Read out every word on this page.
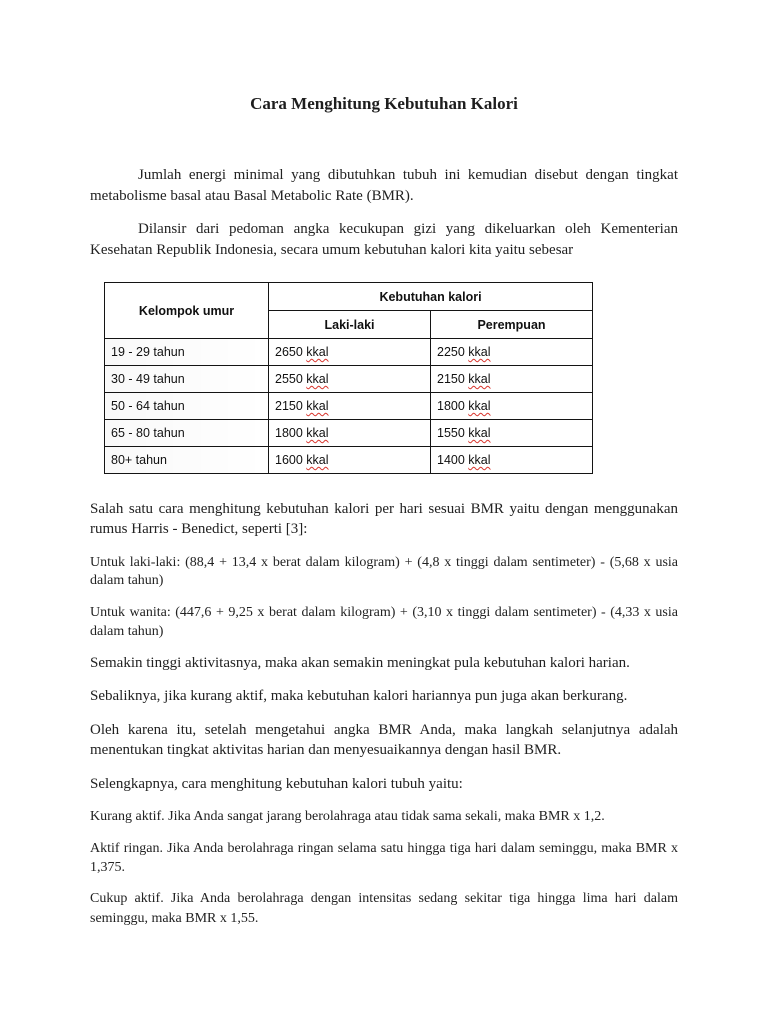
Cara Menghitung Kebutuhan Kalori

Jumlah energi minimal yang dibutuhkan tubuh ini kemudian disebut dengan tingkat metabolisme basal atau Basal Metabolic Rate (BMR).

Dilansir dari pedoman angka kecukupan gizi yang dikeluarkan oleh Kementerian Kesehatan Republik Indonesia, secara umum kebutuhan kalori kita yaitu sebesar

Kelompok umur	Kebutuhan kalori	
	Laki-laki	Perempuan
19 - 29 tahun	2650 kkal	2250 kkal
30 - 49 tahun	2550 kkal	2150 kkal
50 - 64 tahun	2150 kkal	1800 kkal
65 - 80 tahun	1800 kkal	1550 kkal
80+ tahun	1600 kkal	1400 kkal

Salah satu cara menghitung kebutuhan kalori per hari sesuai BMR yaitu dengan menggunakan rumus Harris - Benedict, seperti [3]:

Untuk laki-laki: (88,4 + 13,4 x berat dalam kilogram) + (4,8 x tinggi dalam sentimeter) - (5,68 x usia dalam tahun)

Untuk wanita: (447,6 + 9,25 x berat dalam kilogram) + (3,10 x tinggi dalam sentimeter) - (4,33 x usia dalam tahun)

Semakin tinggi aktivitasnya, maka akan semakin meningkat pula kebutuhan kalori harian.

Sebaliknya, jika kurang aktif, maka kebutuhan kalori hariannya pun juga akan berkurang.

Oleh karena itu, setelah mengetahui angka BMR Anda, maka langkah selanjutnya adalah menentukan tingkat aktivitas harian dan menyesuaikannya dengan hasil BMR.

Selengkapnya, cara menghitung kebutuhan kalori tubuh yaitu:

Kurang aktif. Jika Anda sangat jarang berolahraga atau tidak sama sekali, maka BMR x 1,2.

Aktif ringan. Jika Anda berolahraga ringan selama satu hingga tiga hari dalam seminggu, maka BMR x 1,375.

Cukup aktif. Jika Anda berolahraga dengan intensitas sedang sekitar tiga hingga lima hari dalam seminggu, maka BMR x 1,55.
